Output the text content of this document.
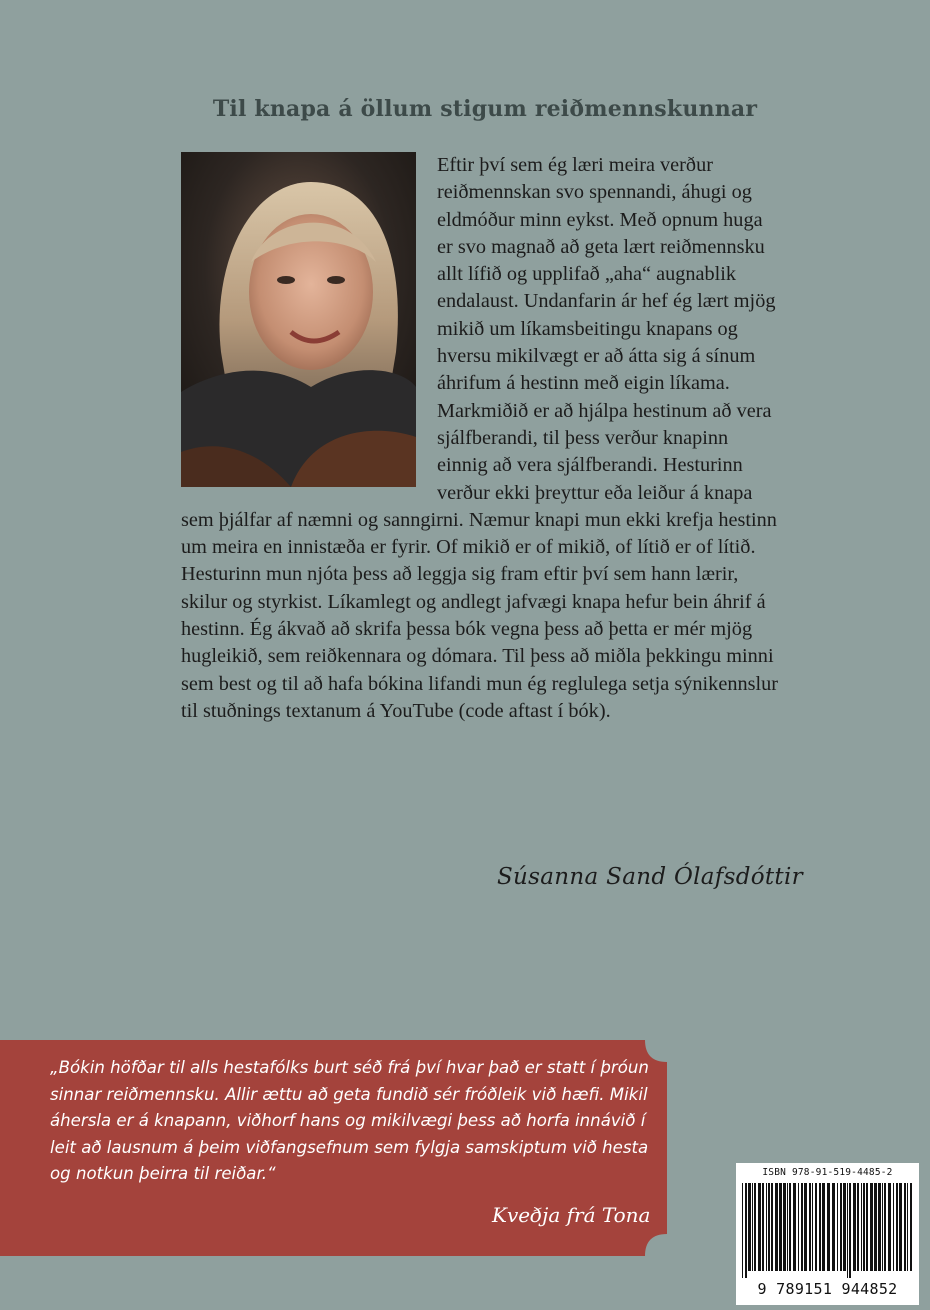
Til knapa á öllum stigum reiðmennskunnar
Eftir því sem ég læri meira verður reiðmennskan svo spennandi, áhugi og eldmóður minn eykst. Með opnum huga er svo magnað að geta lært reiðmennsku allt lífið og upplifað „aha“ augnablik endalaust. Undanfarin ár hef ég lært mjög mikið um líkamsbeitingu knapans og hversu mikilvægt er að átta sig á sínum áhrifum á hestinn með eigin líkama. Markmiðið er að hjálpa hestinum að vera sjálfberandi, til þess verður knapinn einnig að vera sjálfberandi. Hesturinn verður ekki þreyttur eða leiður á knapa sem þjálfar af næmni og sanngirni. Næmur knapi mun ekki krefja hestinn um meira en innistæða er fyrir. Of mikið er of mikið, of lítið er of lítið. Hesturinn mun njóta þess að leggja sig fram eftir því sem hann lærir, skilur og styrkist. Líkamlegt og andlegt jafvægi knapa hefur bein áhrif á hestinn. Ég ákvað að skrifa þessa bók vegna þess að þetta er mér mjög hugleikið, sem reiðkennara og dómara. Til þess að miðla þekkingu minni sem best og til að hafa bókina lifandi mun ég reglulega setja sýnikennslur til stuðnings textanum á YouTube (code aftast í bók).
Súsanna Sand Ólafsdóttir
„Bókin höfðar til alls hestafólks burt séð frá því hvar það er statt í þróun sinnar reiðmennsku. Allir ættu að geta fundið sér fróðleik við hæfi. Mikil áhersla er á knapann, viðhorf hans og mikilvægi þess að horfa innávið í leit að lausnum á þeim viðfangsefnum sem fylgja samskiptum við hesta og notkun þeirra til reiðar.“
Kveðja frá Tona
ISBN 978-91-519-4485-2
9 789151 944852
